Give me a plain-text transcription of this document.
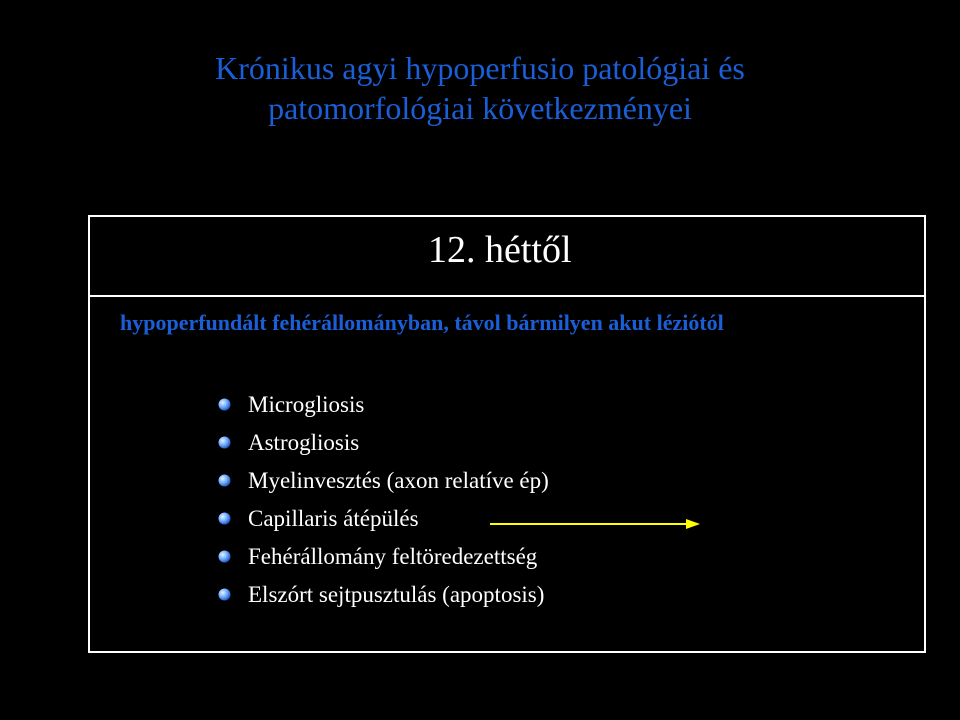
Krónikus agyi hypoperfusio patológiai és
patomorfológiai következményei
12. héttől
hypoperfundált fehérállományban, távol bármilyen akut léziótól
Microgliosis
Astrogliosis
Myelinvesztés (axon relatíve ép)
Capillaris átépülés
Fehérállomány feltöredezettség
Elszórt sejtpusztulás (apoptosis)
